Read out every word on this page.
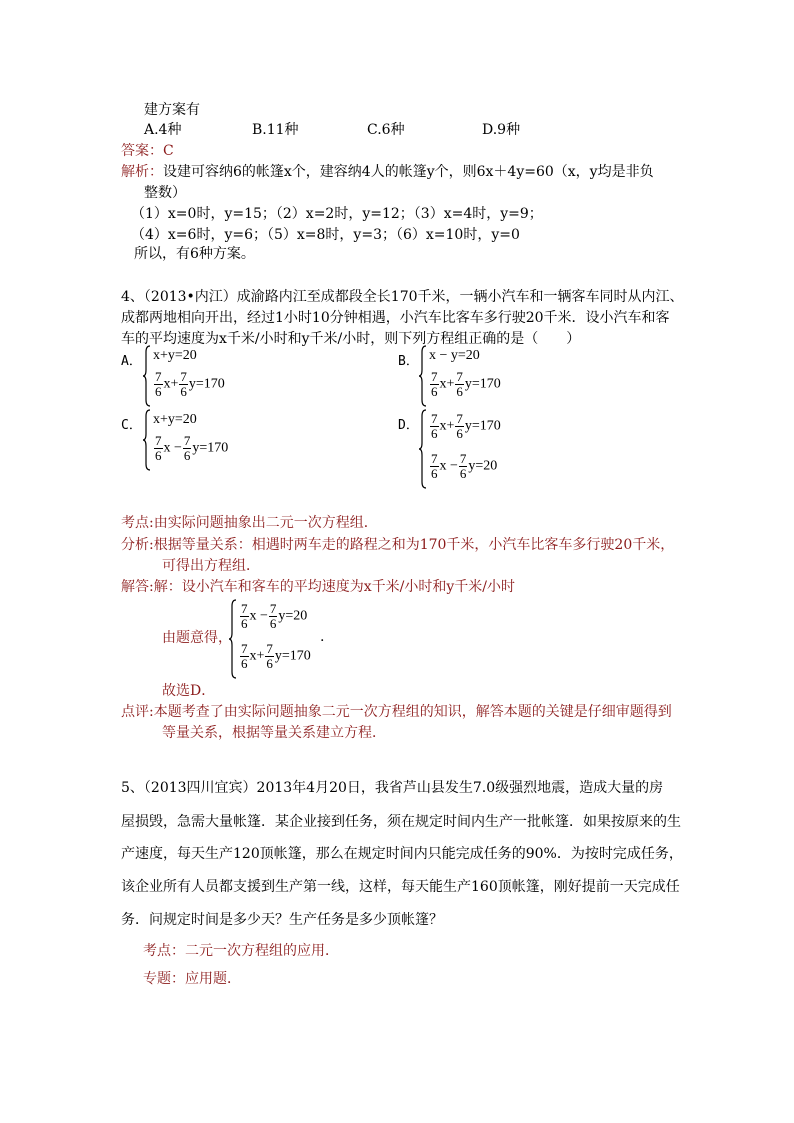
建方案有
A.4种	B.11种	C.6种	D.9种
答案：C
解析： 设建可容纳6的帐篷x个，建容纳4人的帐篷y个，则6x＋4y=60（x，y均是非负
整数）
（1）x=0时，y=15；（2）x=2时，y=12；（3）x=4时，y=9；
（4）x=6时，y=6；（5）x=8时，y=3；（6）x=10时，y=0
所以，有6种方案。
4、（2013•内江）成渝路内江至成都段全长170千米，一辆小汽车和一辆客车同时从内江、
成都两地相向开出，经过1小时10分钟相遇，小汽车比客车多行驶20千米．设小汽车和客
车的平均速度为x千米/小时和y千米/小时，则下列方程组正确的是（　　）
A． x+y=20
$\frac{7}{6} x+ \frac{7}{6} y=170$
B． x − y=20
$\frac{7}{6} x+ \frac{7}{6} y=170$
C． x+y=20
$\frac{7}{6}$ $x - \frac{7}{6} y=170$
D． $\frac{7}{6} x+ \frac{7}{6} y=170$
$\frac{7}{6}$ $x - \frac{7}{6} y=20$
考点:由实际问题抽象出二元一次方程组．
分析:根据等量关系：相遇时两车走的路程之和为170千米，小汽车比客车多行驶20千米，
可得出方程组．
解答:解：设小汽车和客车的平均速度为x千米/小时和y千米/小时
由题意得，
$\frac{7}{6}$ $x - \frac{7}{6} y=20$
$\frac{7}{6} x+ \frac{7}{6} y=170$
.
故选D．
点评:本题考查了由实际问题抽象二元一次方程组的知识，解答本题的关键是仔细审题得到
等量关系，根据等量关系建立方程．
5、（2013四川宜宾）2013年4月20日，我省芦山县发生7.0级强烈地震，造成大量的房
屋损毁，急需大量帐篷．某企业接到任务，须在规定时间内生产一批帐篷．如果按原来的生
产速度，每天生产120顶帐篷，那么在规定时间内只能完成任务的90%．为按时完成任务，
该企业所有人员都支援到生产第一线，这样，每天能生产160顶帐篷，刚好提前一天完成任
务．问规定时间是多少天？生产任务是多少顶帐篷？
考点：二元一次方程组的应用．
专题：应用题．
